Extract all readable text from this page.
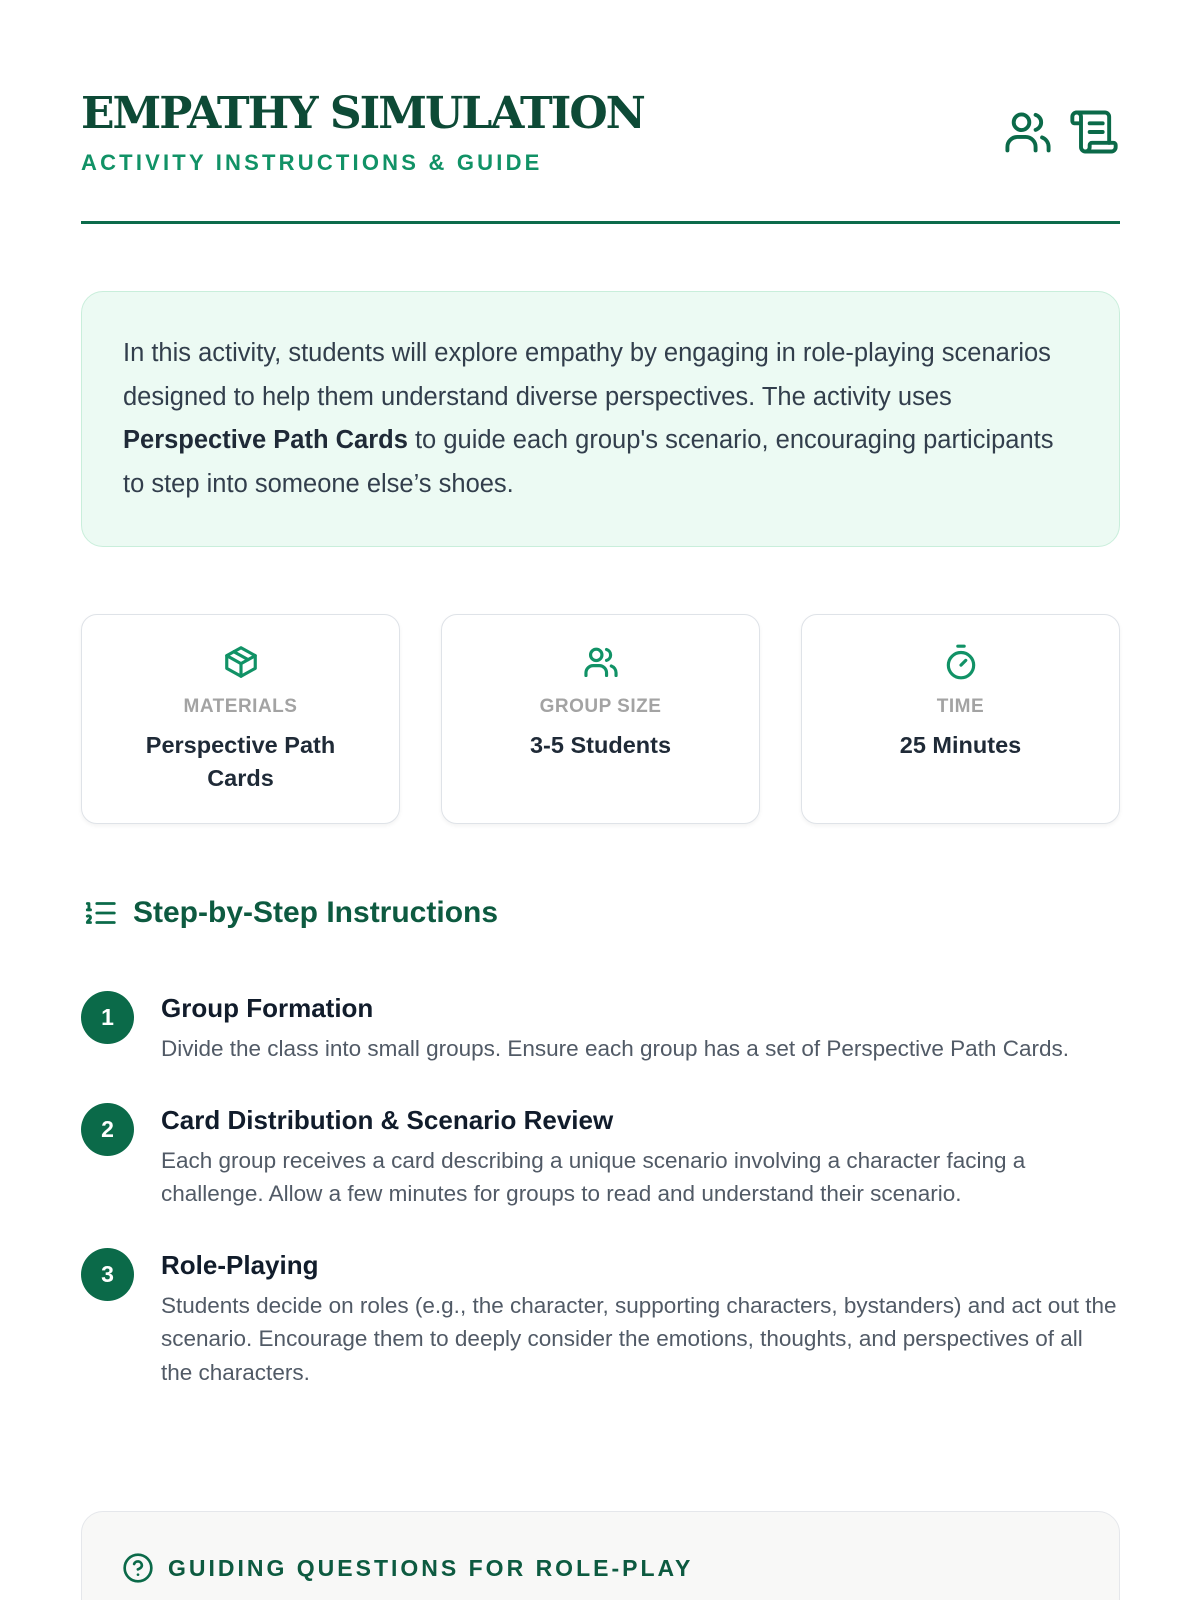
EMPATHY SIMULATION
ACTIVITY INSTRUCTIONS & GUIDE

In this activity, students will explore empathy by engaging in role-playing scenarios designed to help them understand diverse perspectives. The activity uses Perspective Path Cards to guide each group's scenario, encouraging participants to step into someone else’s shoes.

MATERIALS
Perspective Path Cards
GROUP SIZE
3-5 Students
TIME
25 Minutes
Step-by-Step Instructions
1	Group Formation
Divide the class into small groups. Ensure each group has a set of Perspective Path Cards.
2	Card Distribution & Scenario Review
Each group receives a card describing a unique scenario involving a character facing a challenge. Allow a few minutes for groups to read and understand their scenario.
3	Role-Playing
Students decide on roles (e.g., the character, supporting characters, bystanders) and act out the scenario. Encourage them to deeply consider the emotions, thoughts, and perspectives of all the characters.
GUIDING QUESTIONS FOR ROLE-PLAY
